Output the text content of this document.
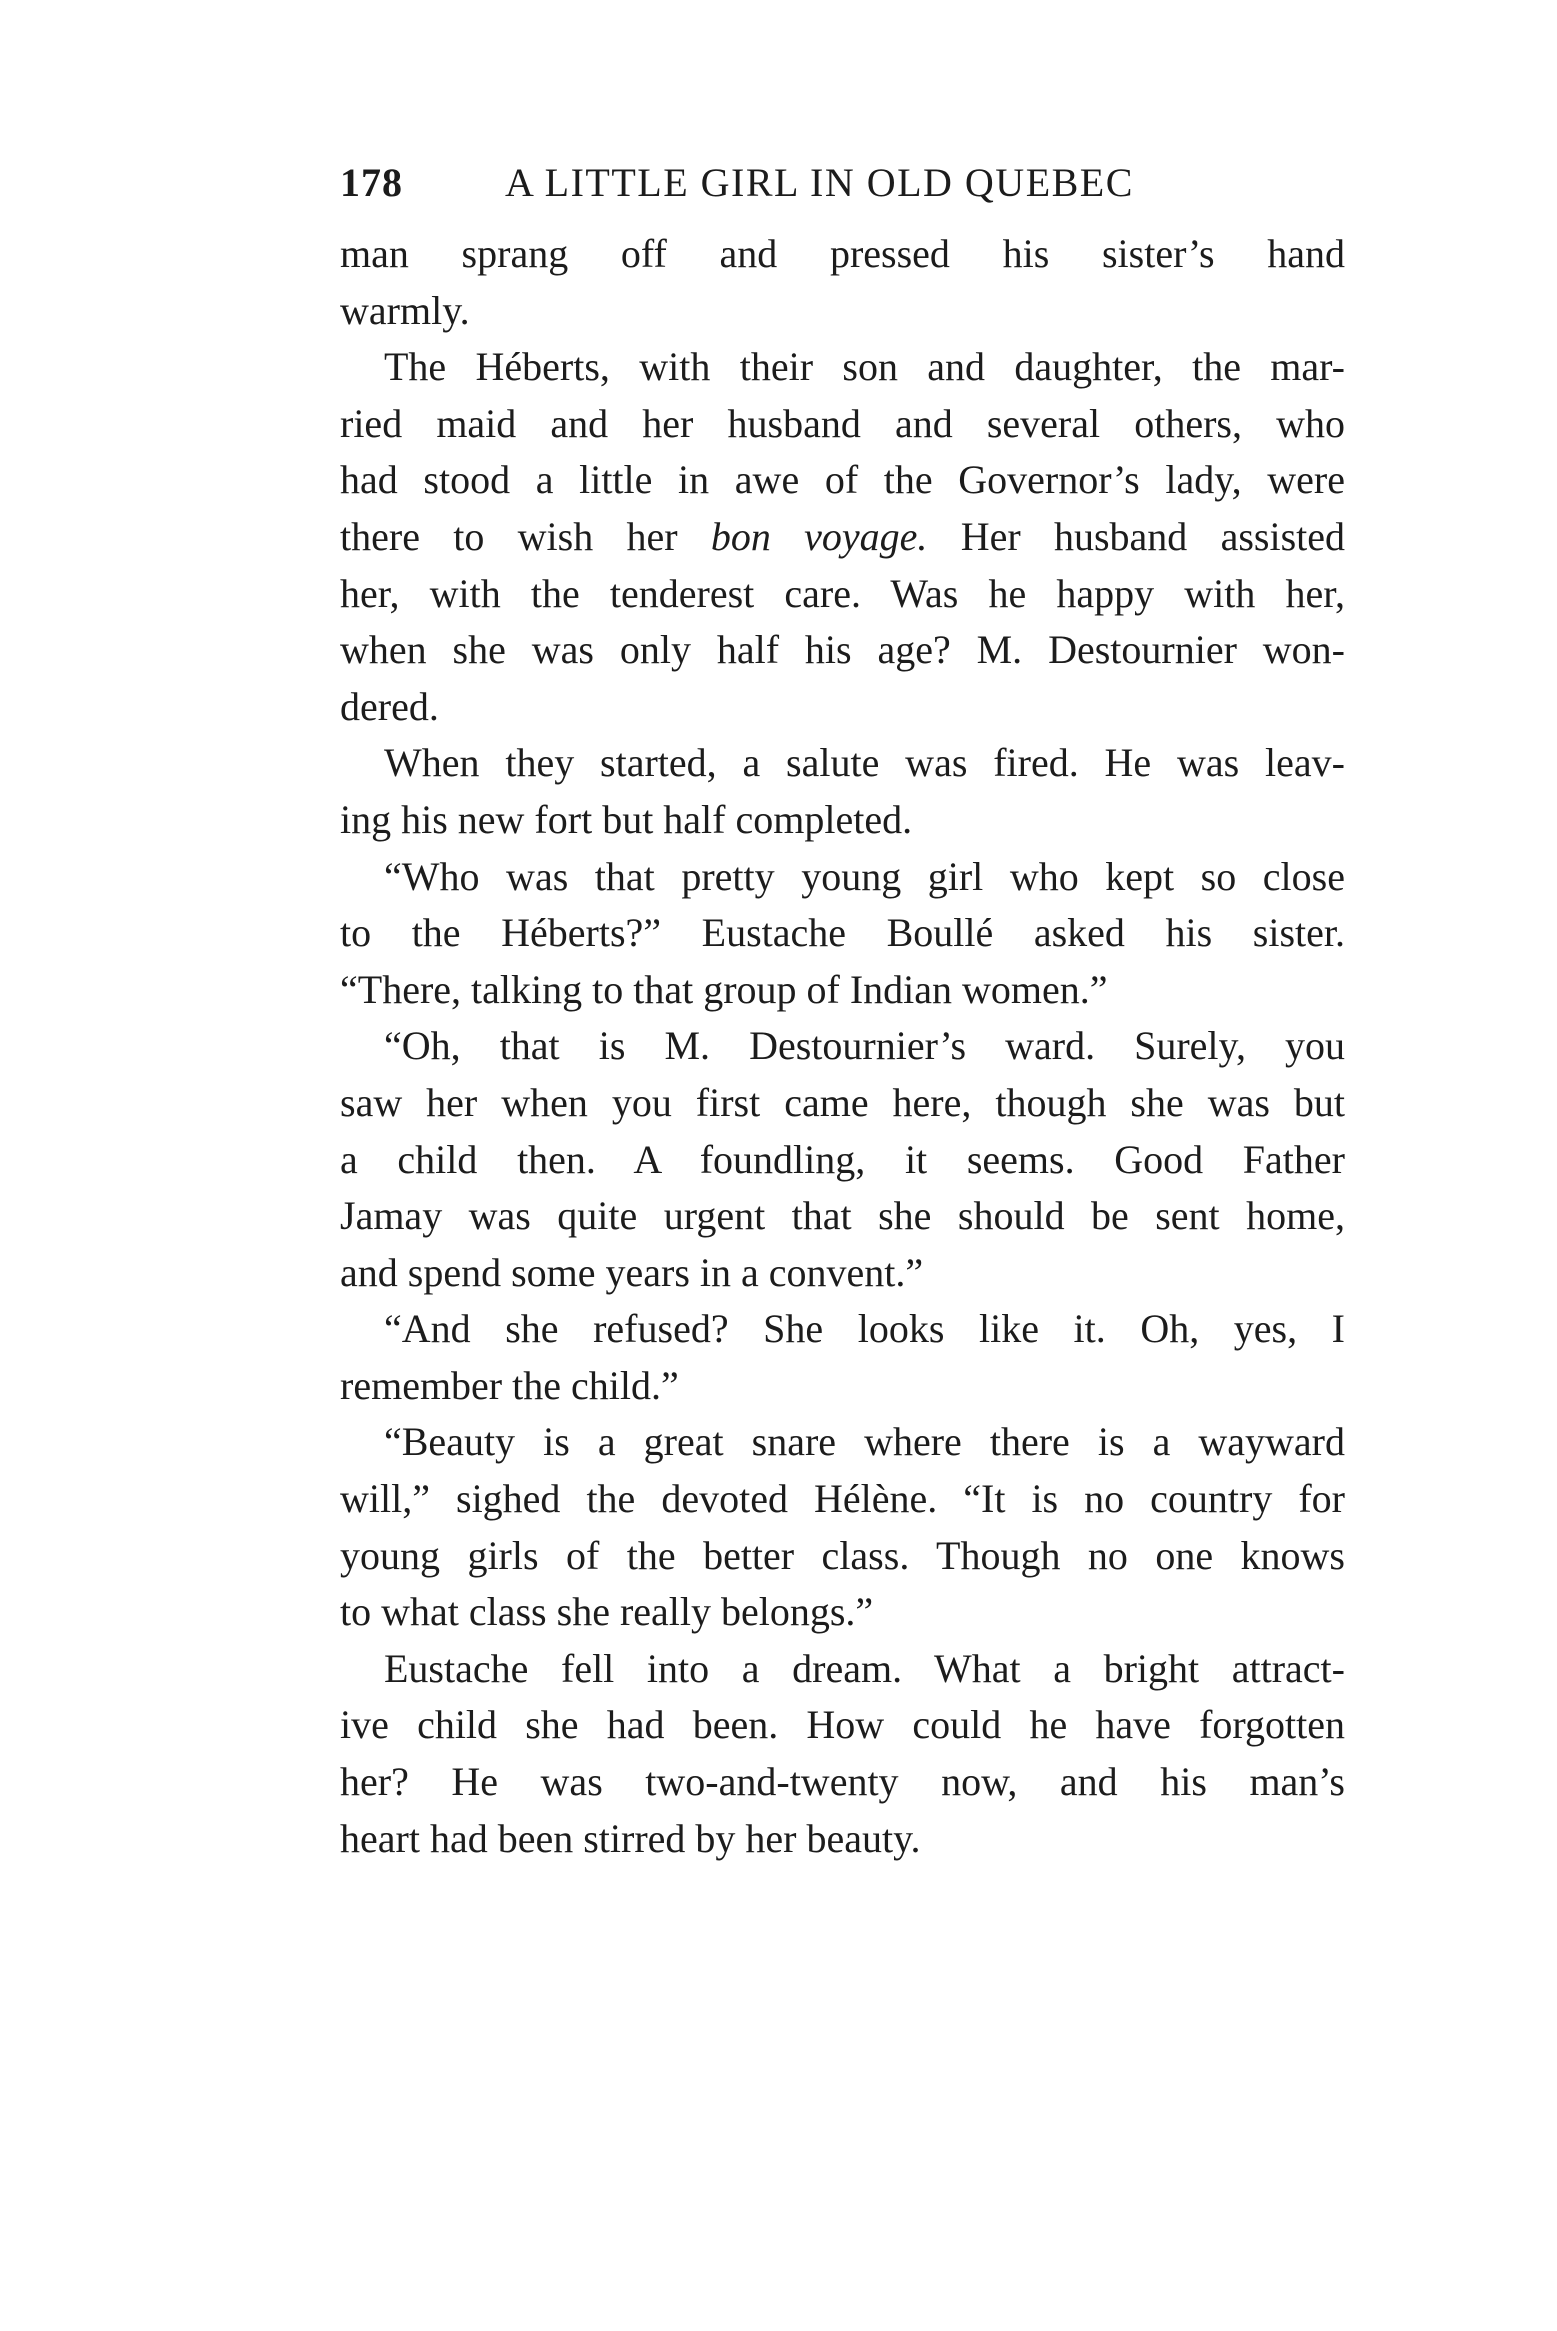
178	A LITTLE GIRL IN OLD QUEBEC
man sprang off and pressed his sister’s hand
warmly.
The Héberts, with their son and daughter, the mar-
ried maid and her husband and several others, who
had stood a little in awe of the Governor’s lady, were
there to wish her bon voyage. Her husband assisted
her, with the tenderest care. Was he happy with her,
when she was only half his age? M. Destournier won-
dered.
When they started, a salute was fired. He was leav-
ing his new fort but half completed.
“Who was that pretty young girl who kept so close
to the Héberts?” Eustache Boullé asked his sister.
“There, talking to that group of Indian women.”
“Oh, that is M. Destournier’s ward. Surely, you
saw her when you first came here, though she was but
a child then. A foundling, it seems. Good Father
Jamay was quite urgent that she should be sent home,
and spend some years in a convent.”
“And she refused? She looks like it. Oh, yes, I
remember the child.”
“Beauty is a great snare where there is a wayward
will,” sighed the devoted Hélène. “It is no country for
young girls of the better class. Though no one knows
to what class she really belongs.”
Eustache fell into a dream. What a bright attract-
ive child she had been. How could he have forgotten
her? He was two-and-twenty now, and his man’s
heart had been stirred by her beauty.
